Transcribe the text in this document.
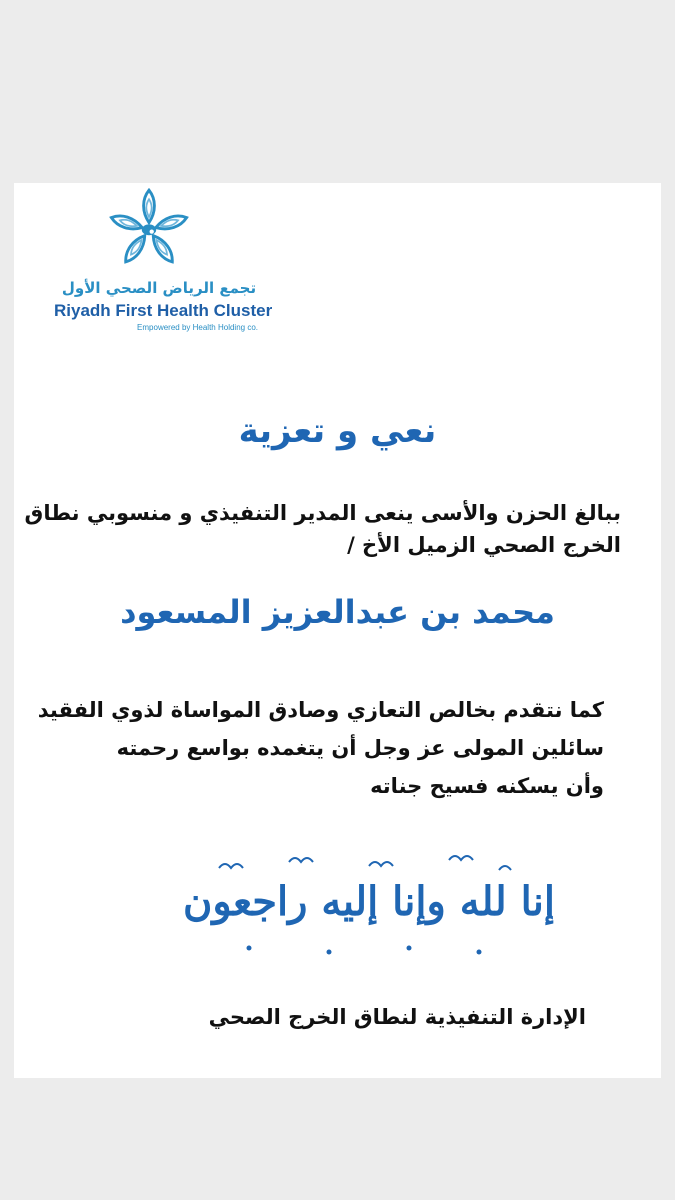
تجمع الرياض الصحي الأول
Riyadh First Health Cluster
Empowered by Health Holding co.
نعي و تعزية
ببالغ الحزن والأسى ينعى المدير التنفيذي و منسوبي نطاق
الخرج الصحي الزميل الأخ /
محمد بن عبدالعزيز المسعود
كما نتقدم بخالص التعازي وصادق المواساة لذوي الفقيد
سائلين المولى عز وجل أن يتغمده بواسع رحمته
وأن يسكنه فسيح جناته
إنا لله وإنا إليه راجعون
الإدارة التنفيذية لنطاق الخرج الصحي
